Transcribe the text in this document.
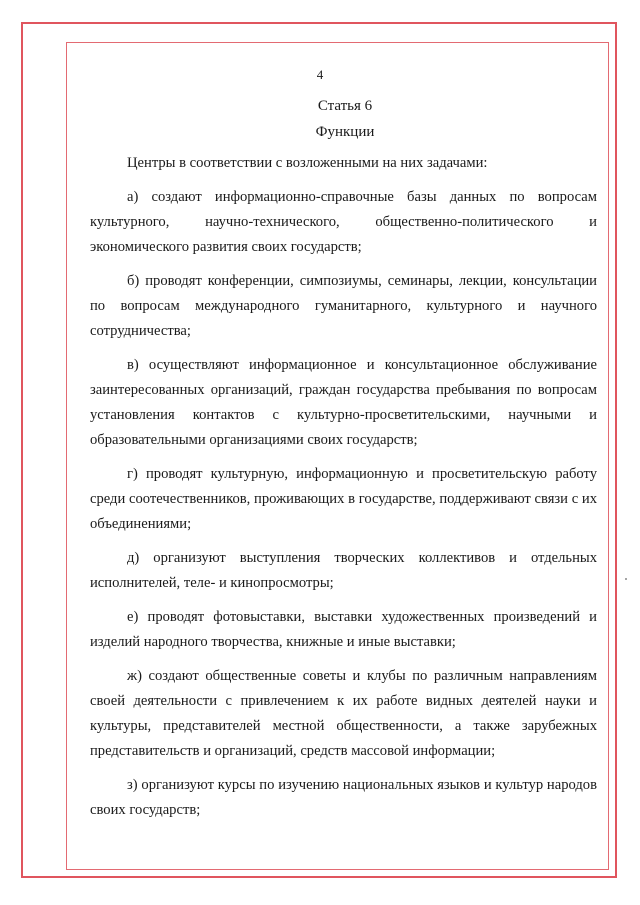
4
Статья 6
Функции

Центры в соответствии с возложенными на них задачами:

а) создают информационно-справочные базы данных по вопросам культурного, научно-технического, общественно-политического и экономического развития своих государств;

б) проводят конференции, симпозиумы, семинары, лекции, консультации по вопросам международного гуманитарного, культурного и научного сотрудничества;

в) осуществляют информационное и консультационное обслуживание заинтересованных организаций, граждан государства пребывания по вопросам установления контактов с культурно-просветительскими, научными и образовательными организациями своих государств;

г) проводят культурную, информационную и просветительскую работу среди соотечественников, проживающих в государстве, поддерживают связи с их объединениями;

д) организуют выступления творческих коллективов и отдельных исполнителей, теле- и кинопросмотры;

е) проводят фотовыставки, выставки художественных произведений и изделий народного творчества, книжные и иные выставки;

ж) создают общественные советы и клубы по различным направлениям своей деятельности с привлечением к их работе видных деятелей науки и культуры, представителей местной общественности, а также зарубежных представительств и организаций, средств массовой информации;

з) организуют курсы по изучению национальных языков и культур народов своих государств;
